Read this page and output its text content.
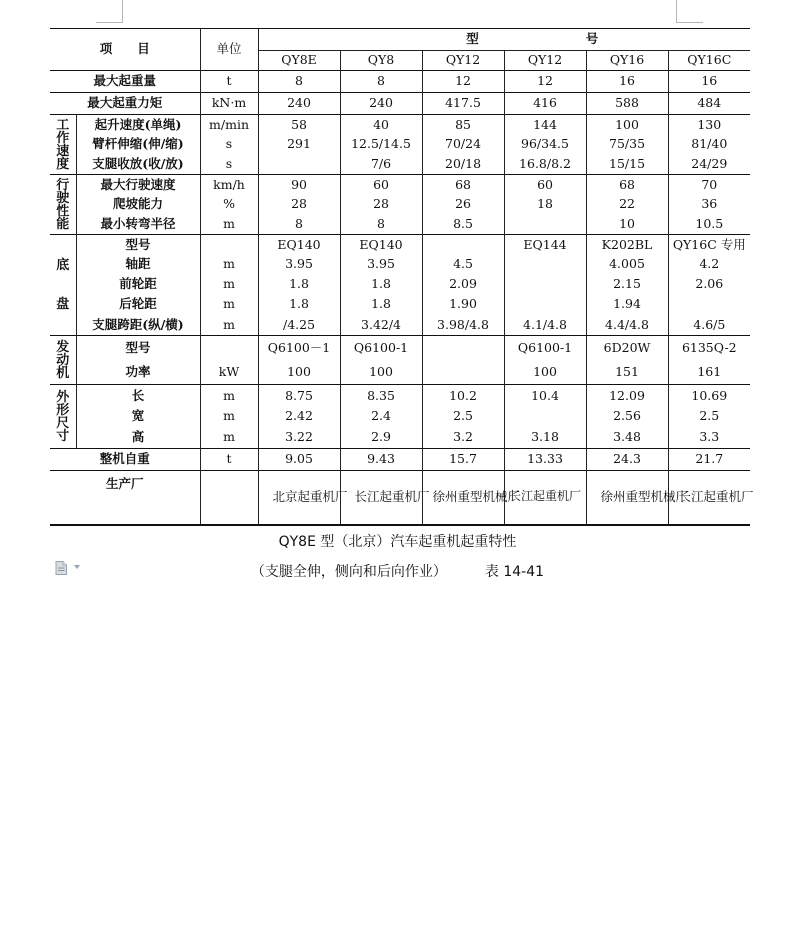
项　　目		单位	型 号					
			QY8E	QY8	QY12	QY12	QY16	QY16C
最大起重量		t	8	8	12	12	16	16
最大起重力矩		kN·m	240	240	417.5	416	588	484

工
作
速
度	起升速度(单绳)	m/min	58	40	85	144	100	130
	臂杆伸缩(伸/缩)	s	291	12.5/14.5	70/24	96/34.5	75/35	81/40
	支腿收放(收/放)	s		7/6	20/18	16.8/8.2	15/15	24/29

行
驶
性
能	最大行驶速度	km/h	90	60	68	60	68	70
	爬坡能力	%	28	28	26	18	22	36
	最小转弯半径	m	8	8	8.5		10	10.5

底
盘	型号		EQ140	EQ140		EQ144	K202BL	QY16C 专用
	轴距	m	3.95	3.95	4.5		4.005	4.2
	前轮距	m	1.8	1.8	2.09		2.15	2.06
	后轮距	m	1.8	1.8	1.90		1.94	
	支腿跨距(纵/横)	m	/4.25	3.42/4	3.98/4.8	4.1/4.8	4.4/4.8	4.6/5

发
动
机	型号		Q6100－1	Q6100-1		Q6100-1	6D20W	6135Q-2
	功率	kW	100	100		100	151	161

外
形
尺
寸	长	m	8.75	8.35	10.2	10.4	12.09	10.69
	宽	m	2.42	2.4	2.5		2.56	2.5
	高	m	3.22	2.9	3.2	3.18	3.48	3.3
整机自重		t	9.05	9.43	15.7	13.33	24.3	21.7
生产厂			北京起重机厂	长江起重机厂	徐州重型机械厂	长江起重机厂	徐州重型机械厂	长江起重机厂
QY8E 型（北京）汽车起重机起重特性
（支腿全伸，侧向和后向作业）	表 14-41
